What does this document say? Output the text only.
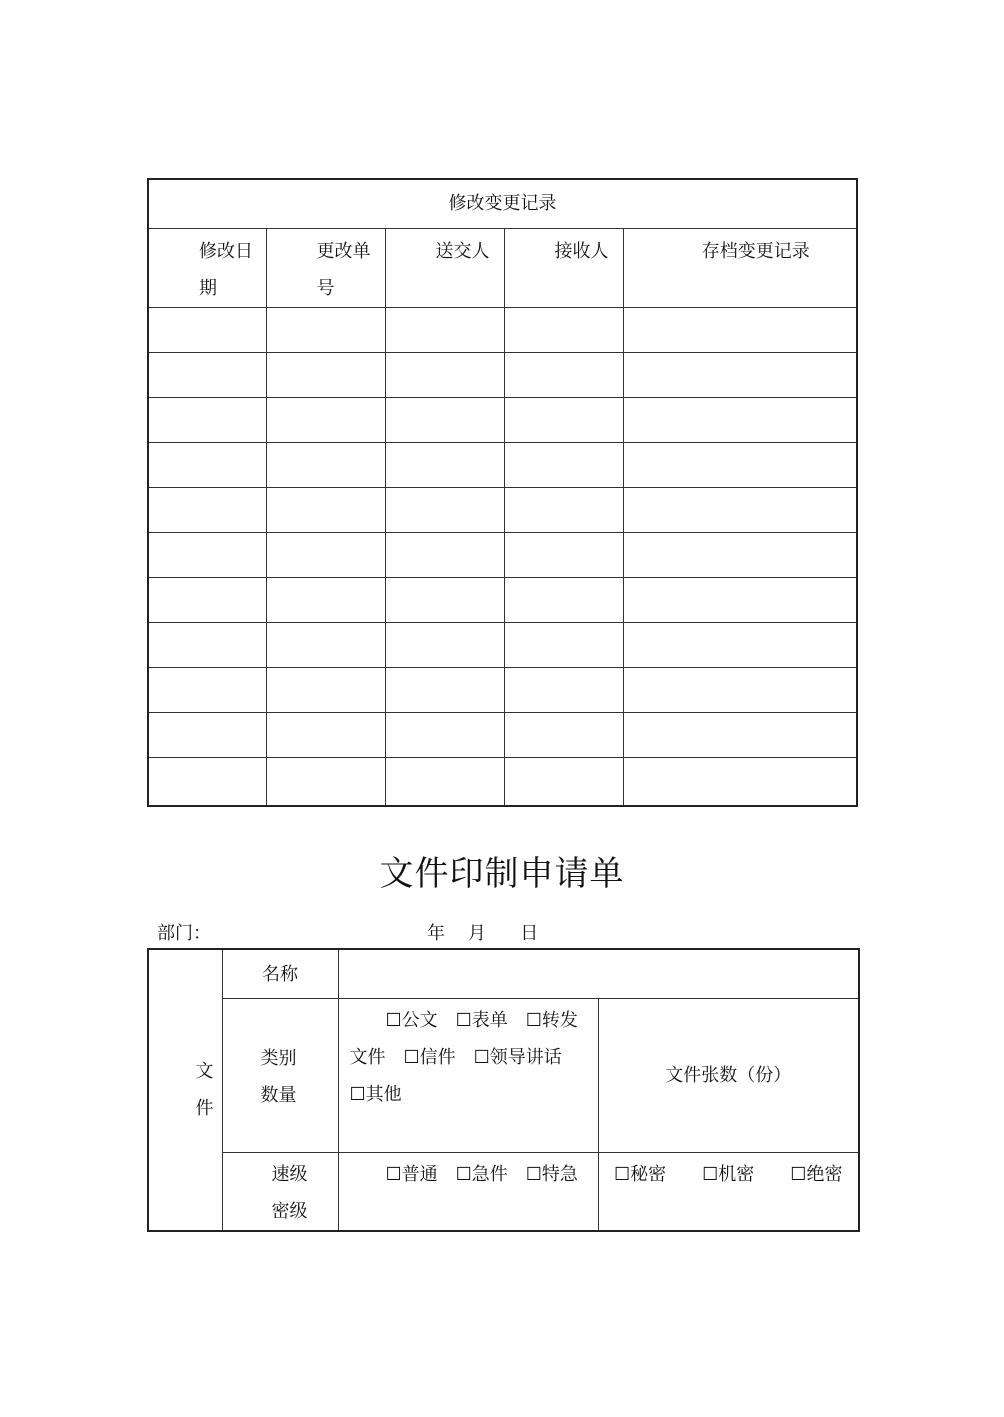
修改变更记录				

修改日期	更改单号	送交人	接收人	存档变更记录

文件印制申请单
部门：	年    月      日
文 件	名称		
	类别数量	☐公文　☐表单　☐转发文件　☐信件　☐领导讲话　☐其他	文件张数（份）
	速级密级	☐普通　☐急件　☐特急	☐秘密　　☐机密　　☐绝密
